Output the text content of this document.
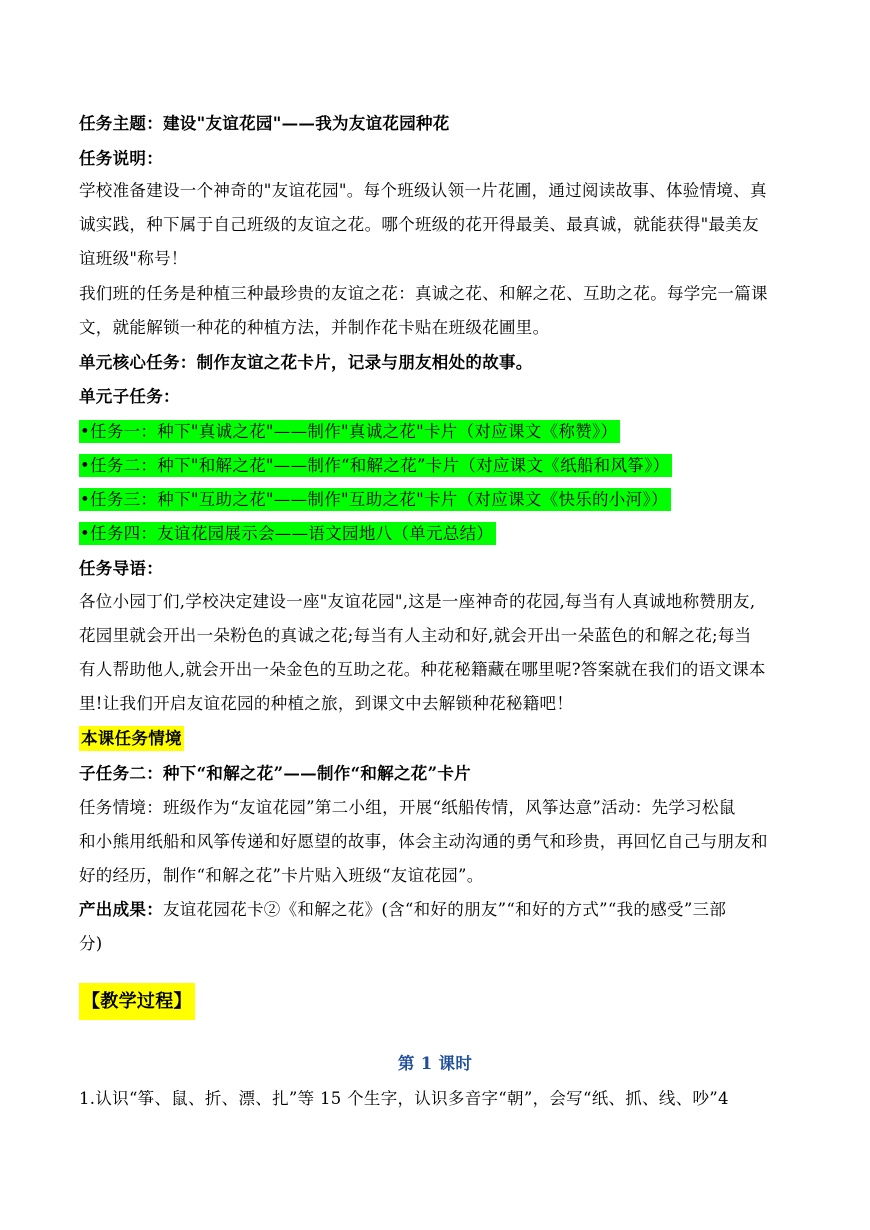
任务主题：建设"友谊花园"——我为友谊花园种花
任务说明：
学校准备建设一个神奇的"友谊花园"。每个班级认领一片花圃，通过阅读故事、体验情境、真
诚实践，种下属于自己班级的友谊之花。哪个班级的花开得最美、最真诚，就能获得"最美友
谊班级"称号！
我们班的任务是种植三种最珍贵的友谊之花：真诚之花、和解之花、互助之花。每学完一篇课
文，就能解锁一种花的种植方法，并制作花卡贴在班级花圃里。
单元核心任务：制作友谊之花卡片，记录与朋友相处的故事。
单元子任务：
•任务一：种下"真诚之花"——制作"真诚之花"卡片（对应课文《称赞》）
•任务二：种下"和解之花"——制作“和解之花”卡片（对应课文《纸船和风筝》）
•任务三：种下"互助之花"——制作"互助之花"卡片（对应课文《快乐的小河》）
•任务四：友谊花园展示会——语文园地八（单元总结）
任务导语：
各位小园丁们,学校决定建设一座"友谊花园",这是一座神奇的花园,每当有人真诚地称赞朋友,
花园里就会开出一朵粉色的真诚之花;每当有人主动和好,就会开出一朵蓝色的和解之花;每当
有人帮助他人,就会开出一朵金色的互助之花。种花秘籍藏在哪里呢?答案就在我们的语文课本
里!让我们开启友谊花园的种植之旅，到课文中去解锁种花秘籍吧！
本课任务情境
子任务二：种下“和解之花”——制作“和解之花”卡片
任务情境：班级作为“友谊花园”第二小组，开展“纸船传情，风筝达意”活动：先学习松鼠
和小熊用纸船和风筝传递和好愿望的故事，体会主动沟通的勇气和珍贵，再回忆自己与朋友和
好的经历，制作“和解之花”卡片贴入班级“友谊花园”。
产出成果：友谊花园花卡②《和解之花》(含“和好的朋友”“和好的方式”“我的感受”三部
分)
【教学过程】
第 1 课时
1.认识“筝、鼠、折、漂、扎”等 15 个生字，认识多音字“朝”，会写“纸、抓、线、吵”4
